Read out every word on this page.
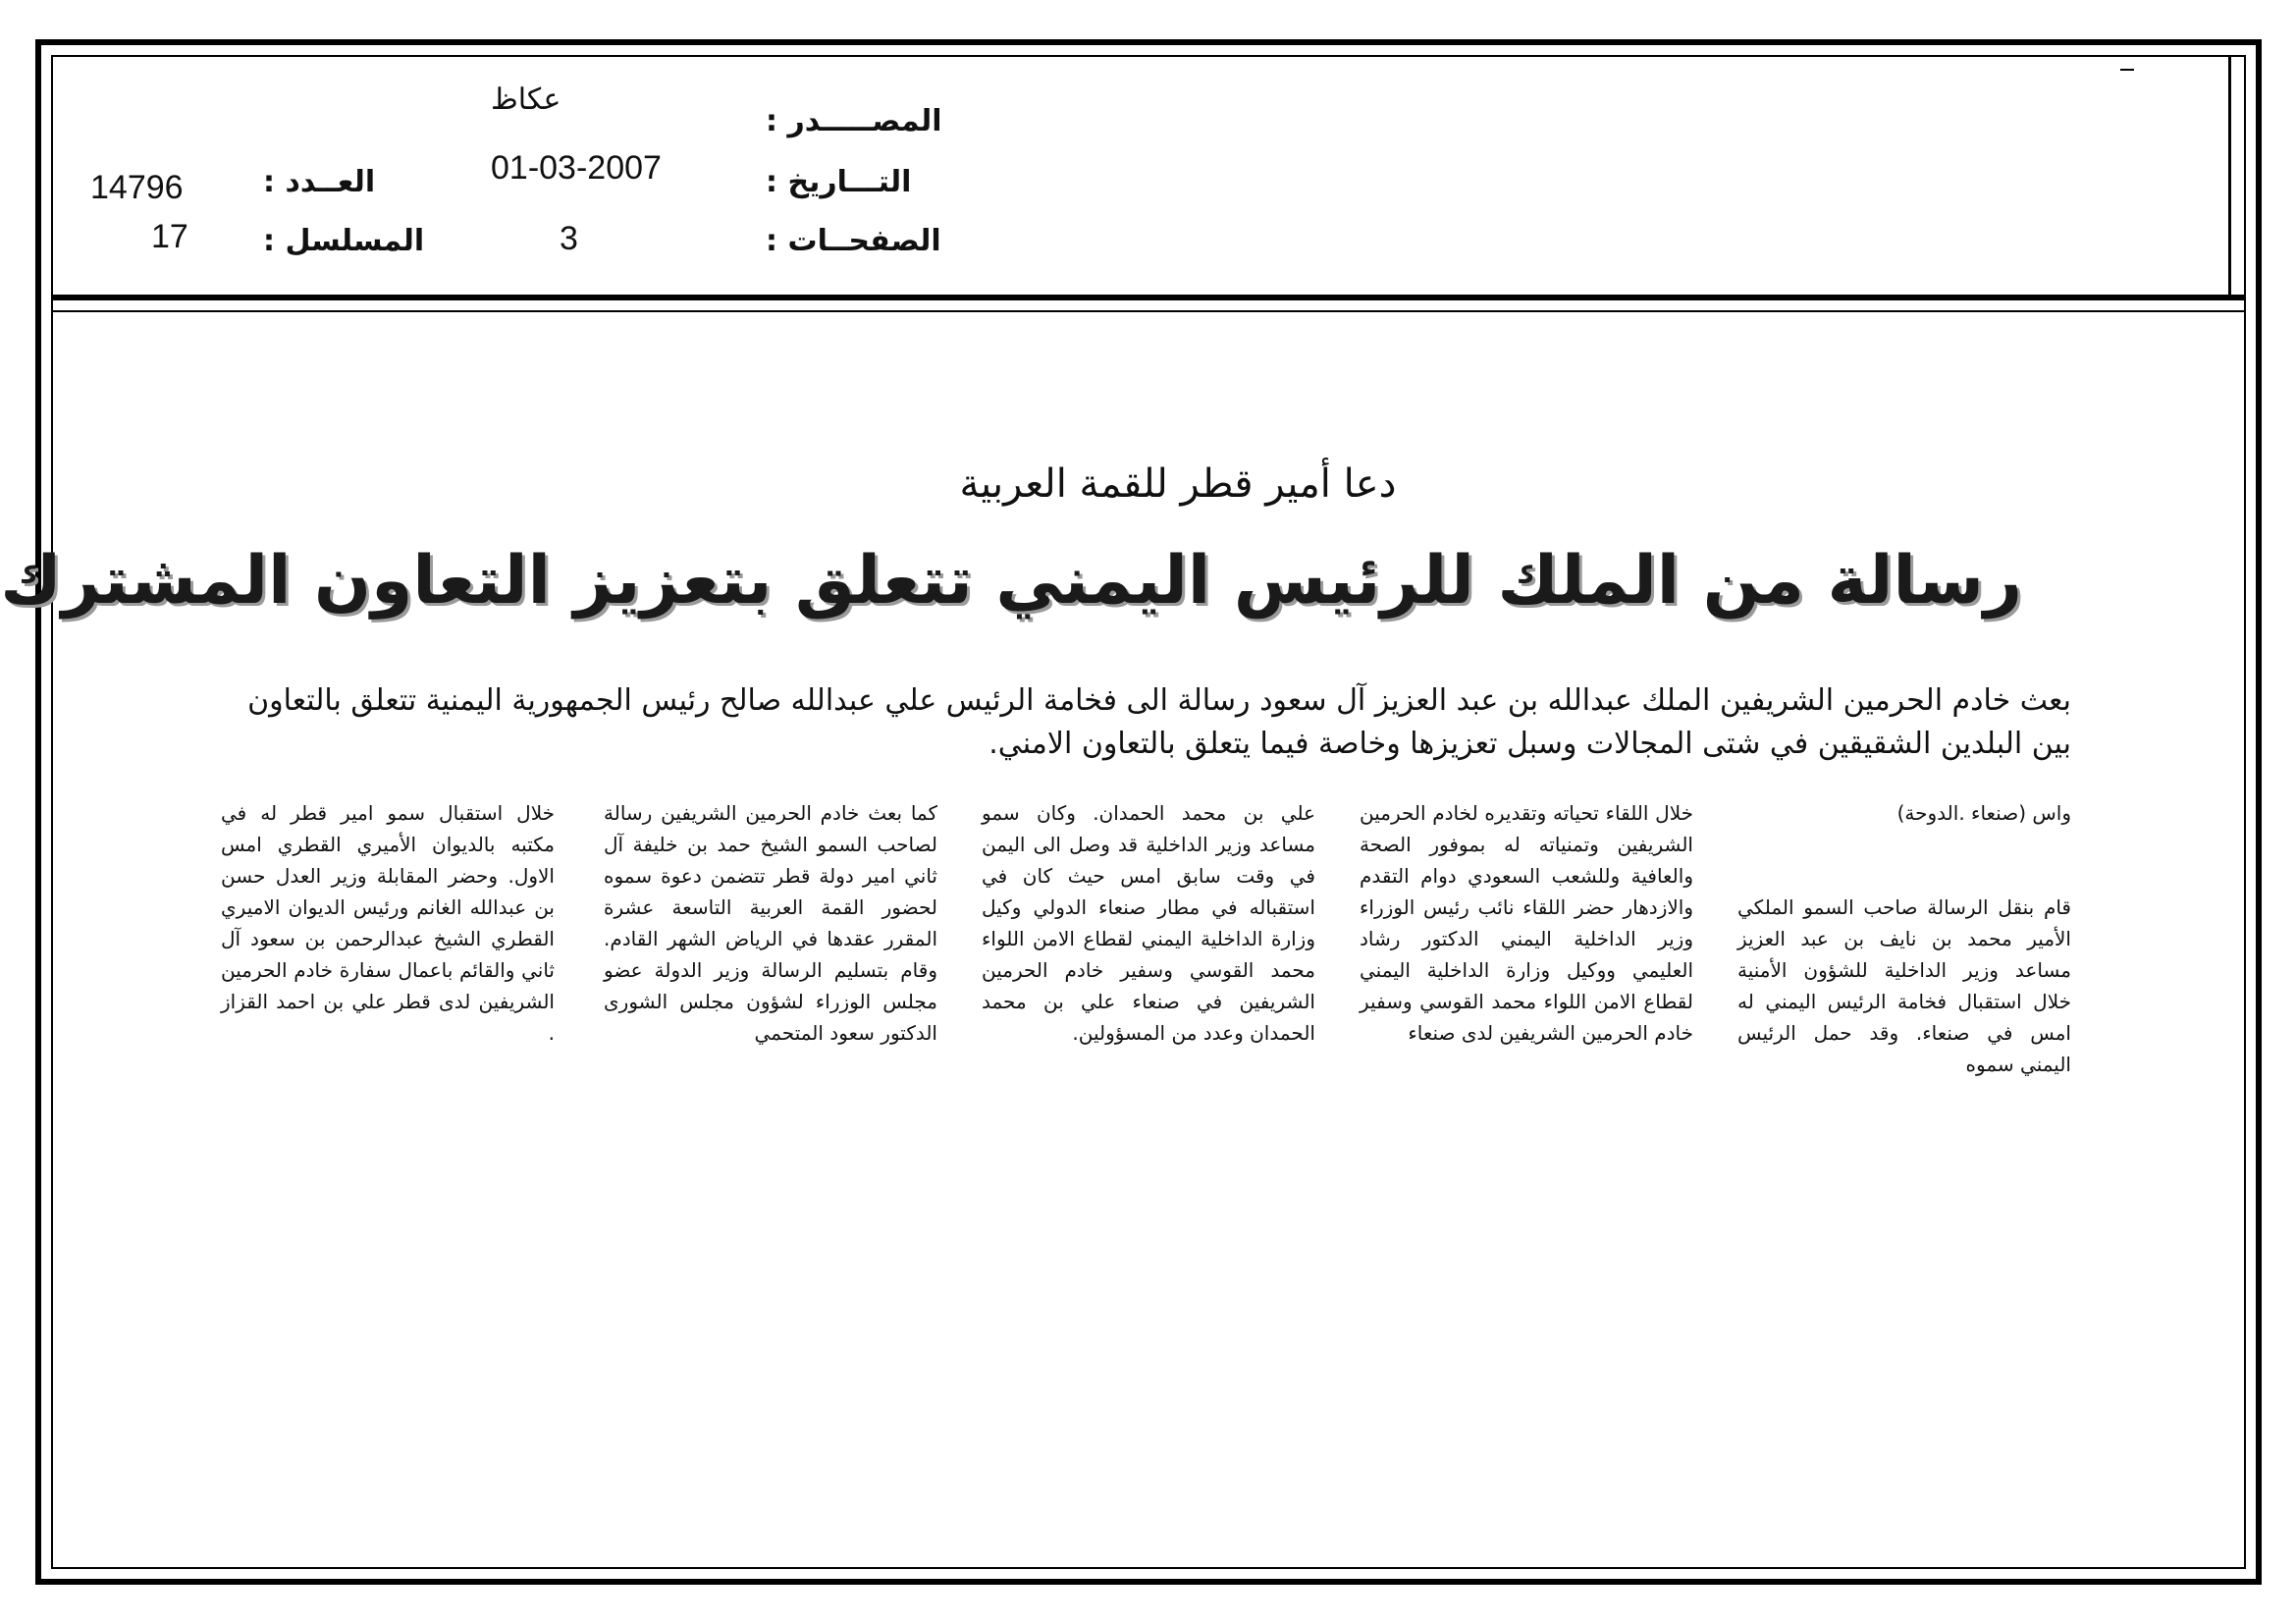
المصـــــدر :
عكاظ
التـــاريخ :
01-03-2007
الصفحــات :
3
العــدد :
14796
المسلسل :
17
دعا أمير قطر للقمة العربية
رسالة من الملك للرئيس اليمني تتعلق بتعزيز التعاون المشترك
بعث خادم الحرمين الشريفين الملك عبدالله بن عبد العزيز آل سعود رسالة الى فخامة الرئيس علي عبدالله صالح رئيس الجمهورية اليمنية تتعلق بالتعاون بين البلدين الشقيقين في شتى المجالات وسبل تعزيزها وخاصة فيما يتعلق بالتعاون الامني.

واس (صنعاء .الدوحة)

قام بنقل الرسالة صاحب السمو الملكي الأمير محمد بن نايف بن عبد العزيز مساعد وزير الداخلية للشؤون الأمنية خلال استقبال فخامة الرئيس اليمني له امس في صنعاء. وقد حمل الرئيس اليمني سموه

خلال اللقاء تحياته وتقديره لخادم الحرمين الشريفين وتمنياته له بموفور الصحة والعافية وللشعب السعودي دوام التقدم والازدهار حضر اللقاء نائب رئيس الوزراء وزير الداخلية اليمني الدكتور رشاد العليمي ووكيل وزارة الداخلية اليمني لقطاع الامن اللواء محمد القوسي وسفير خادم الحرمين الشريفين لدى صنعاء

علي بن محمد الحمدان. وكان سمو مساعد وزير الداخلية قد وصل الى اليمن في وقت سابق امس حيث كان في استقباله في مطار صنعاء الدولي وكيل وزارة الداخلية اليمني لقطاع الامن اللواء محمد القوسي وسفير خادم الحرمين الشريفين في صنعاء علي بن محمد الحمدان وعدد من المسؤولين.

كما بعث خادم الحرمين الشريفين رسالة لصاحب السمو الشيخ حمد بن خليفة آل ثاني امير دولة قطر تتضمن دعوة سموه لحضور القمة العربية التاسعة عشرة المقرر عقدها في الرياض الشهر القادم. وقام بتسليم الرسالة وزير الدولة عضو مجلس الوزراء لشؤون مجلس الشورى الدكتور سعود المتحمي

خلال استقبال سمو امير قطر له في مكتبه بالديوان الأميري القطري امس الاول. وحضر المقابلة وزير العدل حسن بن عبدالله الغانم ورئيس الديوان الاميري القطري الشيخ عبدالرحمن بن سعود آل ثاني والقائم باعمال سفارة خادم الحرمين الشريفين لدى قطر علي بن احمد القزاز .
